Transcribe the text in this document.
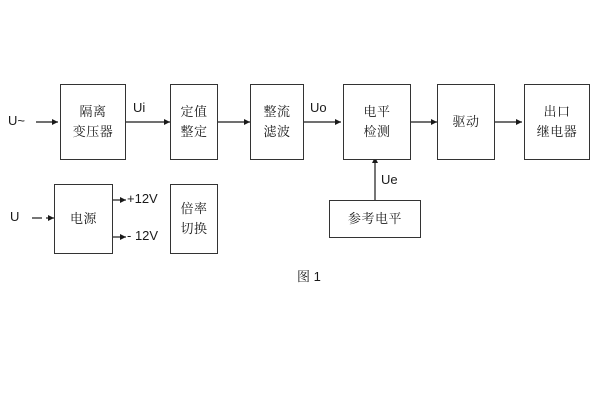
隔离
变压器
定值
整定
整流
滤波
电平
检测
驱动
出口
继电器
电源
倍率
切换
参考电平
U~
U
Ui	Uo
Ue
+12V
- 12V
图 1
